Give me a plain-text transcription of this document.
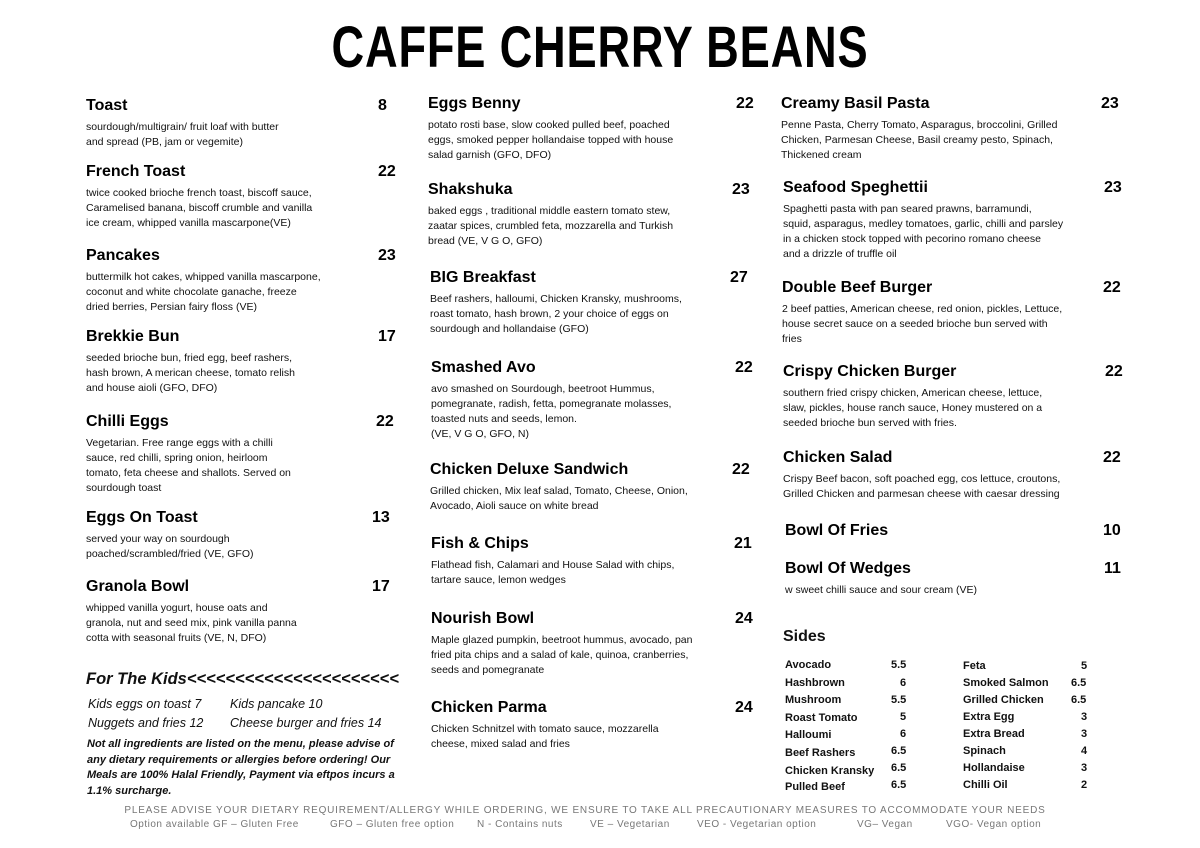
CAFFE CHERRY BEANS
Toast	8
sourdough/multigrain/ fruit loaf with butter
and spread (PB, jam or vegemite)
French Toast	22
twice cooked brioche french toast, biscoff sauce,
Caramelised banana, biscoff crumble and vanilla
ice cream, whipped vanilla mascarpone(VE)
Pancakes	23
buttermilk hot cakes, whipped vanilla mascarpone,
coconut and white chocolate ganache, freeze
dried berries, Persian fairy floss (VE)
Brekkie Bun	17
seeded brioche bun, fried egg, beef rashers,
hash brown, A merican cheese, tomato relish
and house aioli (GFO, DFO)
Chilli Eggs	22
Vegetarian. Free range eggs with a chilli
sauce, red chilli, spring onion, heirloom
tomato, feta cheese and shallots. Served on
sourdough toast
Eggs On Toast	13
served your way on sourdough
poached/scrambled/fried (VE, GFO)
Granola Bowl	17
whipped vanilla yogurt, house oats and
granola, nut and seed mix, pink vanilla panna
cotta with seasonal fruits (VE, N, DFO)
For The Kids<<<<<<<<<<<<<<<<<<<<<<
Kids eggs on toast 7 Kids pancake 10
Nuggets and fries 12 Cheese burger and fries 14
Not all ingredients are listed on the menu, please advise of any dietary requirements or allergies before ordering! Our Meals are 100% Halal Friendly, Payment via eftpos incurs a 1.1% surcharge.
Eggs Benny	22
potato rosti base, slow cooked pulled beef, poached
eggs, smoked pepper hollandaise topped with house
salad garnish (GFO, DFO)
Shakshuka	23
baked eggs , traditional middle eastern tomato stew,
zaatar spices, crumbled feta, mozzarella and Turkish
bread (VE, V G O, GFO)
BIG Breakfast	27
Beef rashers, halloumi, Chicken Kransky, mushrooms,
roast tomato, hash brown, 2 your choice of eggs on
sourdough and hollandaise (GFO)
Smashed Avo	22
avo smashed on Sourdough, beetroot Hummus,
pomegranate, radish, fetta, pomegranate molasses,
toasted nuts and seeds, lemon.
(VE, V G O, GFO, N)
Chicken Deluxe Sandwich	22
Grilled chicken, Mix leaf salad, Tomato, Cheese, Onion,
Avocado, Aioli sauce on white bread
Fish & Chips	21
Flathead fish, Calamari and House Salad with chips,
tartare sauce, lemon wedges
Nourish Bowl	24
Maple glazed pumpkin, beetroot hummus, avocado, pan
fried pita chips and a salad of kale, quinoa, cranberries,
seeds and pomegranate
Chicken Parma	24
Chicken Schnitzel with tomato sauce, mozzarella
cheese, mixed salad and fries
Creamy Basil Pasta	23
Penne Pasta, Cherry Tomato, Asparagus, broccolini, Grilled
Chicken, Parmesan Cheese, Basil creamy pesto, Spinach,
Thickened cream
Seafood Speghettii	23
Spaghetti pasta with pan seared prawns, barramundi,
squid, asparagus, medley tomatoes, garlic, chilli and parsley
in a chicken stock topped with pecorino romano cheese
and a drizzle of truffle oil
Double Beef Burger	22
2 beef patties, American cheese, red onion, pickles, Lettuce,
house secret sauce on a seeded brioche bun served with
fries
Crispy Chicken Burger	22
southern fried crispy chicken, American cheese, lettuce,
slaw, pickles, house ranch sauce, Honey mustered on a
seeded brioche bun served with fries.
Chicken Salad	22
Crispy Beef bacon, soft poached egg, cos lettuce, croutons,
Grilled Chicken and parmesan cheese with caesar dressing
Bowl Of Fries	10
Bowl Of Wedges	11
w sweet chilli sauce and sour cream (VE)
Sides
Avocado	5.5
Hashbrown	6
Mushroom	5.5
Roast Tomato	5
Halloumi	6
Beef Rashers	6.5
Chicken Kransky 6.5
Pulled Beef	6.5
Feta	5
Smoked Salmon 6.5
Grilled Chicken 6.5
Extra Egg	3
Extra Bread	3
Spinach	4
Hollandaise	3
Chilli Oil	2
PLEASE ADVISE YOUR DIETARY REQUIREMENT/ALLERGY WHILE ORDERING, WE ENSURE TO TAKE ALL PRECAUTIONARY MEASURES TO ACCOMMODATE YOUR NEEDS
Option available GF – Gluten Free	GFO – Gluten free option N - Contains nuts	VE – Vegetarian	VEO - Vegetarian option	VG– Vegan	VGO- Vegan option
